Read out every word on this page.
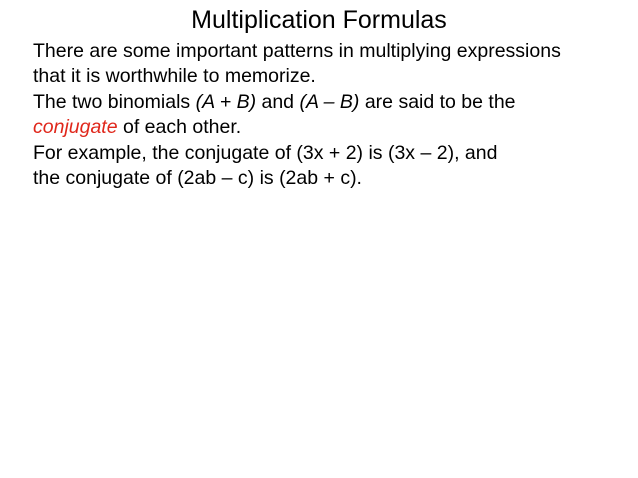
Multiplication Formulas
There are some important patterns in multiplying expressions
that it is worthwhile to memorize.
The two binomials (A + B) and (A – B) are said to be the
conjugate of each other.
For example, the conjugate of (3x + 2) is (3x – 2), and
the conjugate of (2ab – c) is (2ab + c).
